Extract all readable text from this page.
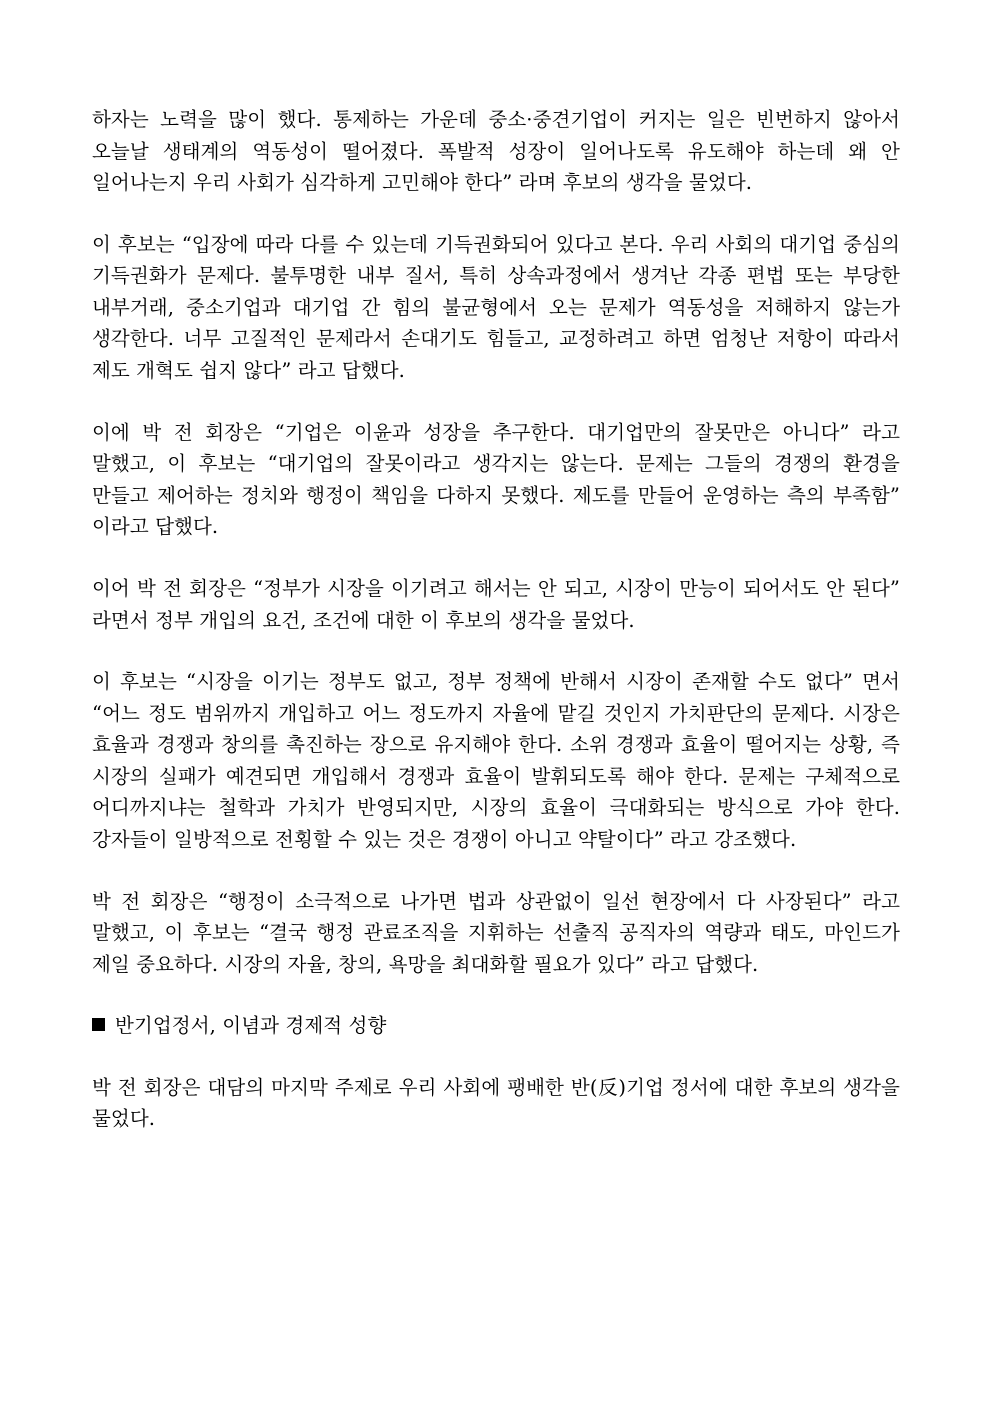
하자는 노력을 많이 했다. 통제하는 가운데 중소·중견기업이 커지는 일은 빈번하지 않아서 오늘날 생태계의 역동성이 떨어졌다. 폭발적 성장이 일어나도록 유도해야 하는데 왜 안 일어나는지 우리 사회가 심각하게 고민해야 한다” 라며 후보의 생각을 물었다.

이 후보는 “입장에 따라 다를 수 있는데 기득권화되어 있다고 본다. 우리 사회의 대기업 중심의 기득권화가 문제다. 불투명한 내부 질서, 특히 상속과정에서 생겨난 각종 편법 또는 부당한 내부거래, 중소기업과 대기업 간 힘의 불균형에서 오는 문제가 역동성을 저해하지 않는가 생각한다. 너무 고질적인 문제라서 손대기도 힘들고, 교정하려고 하면 엄청난 저항이 따라서 제도 개혁도 쉽지 않다” 라고 답했다.

이에 박 전 회장은 “기업은 이윤과 성장을 추구한다. 대기업만의 잘못만은 아니다” 라고 말했고, 이 후보는 “대기업의 잘못이라고 생각지는 않는다. 문제는 그들의 경쟁의 환경을 만들고 제어하는 정치와 행정이 책임을 다하지 못했다. 제도를 만들어 운영하는 측의 부족함” 이라고 답했다.

이어 박 전 회장은 “정부가 시장을 이기려고 해서는 안 되고, 시장이 만능이 되어서도 안 된다” 라면서 정부 개입의 요건, 조건에 대한 이 후보의 생각을 물었다.

이 후보는 “시장을 이기는 정부도 없고, 정부 정책에 반해서 시장이 존재할 수도 없다” 면서 “어느 정도 범위까지 개입하고 어느 정도까지 자율에 맡길 것인지 가치판단의 문제다. 시장은 효율과 경쟁과 창의를 촉진하는 장으로 유지해야 한다. 소위 경쟁과 효율이 떨어지는 상황, 즉 시장의 실패가 예견되면 개입해서 경쟁과 효율이 발휘되도록 해야 한다. 문제는 구체적으로 어디까지냐는 철학과 가치가 반영되지만, 시장의 효율이 극대화되는 방식으로 가야 한다. 강자들이 일방적으로 전횡할 수 있는 것은 경쟁이 아니고 약탈이다” 라고 강조했다.

박 전 회장은 “행정이 소극적으로 나가면 법과 상관없이 일선 현장에서 다 사장된다” 라고 말했고, 이 후보는 “결국 행정 관료조직을 지휘하는 선출직 공직자의 역량과 태도, 마인드가 제일 중요하다. 시장의 자율, 창의, 욕망을 최대화할 필요가 있다” 라고 답했다.

반기업정서, 이념과 경제적 성향

박 전 회장은 대담의 마지막 주제로 우리 사회에 팽배한 반(反)기업 정서에 대한 후보의 생각을 물었다.
